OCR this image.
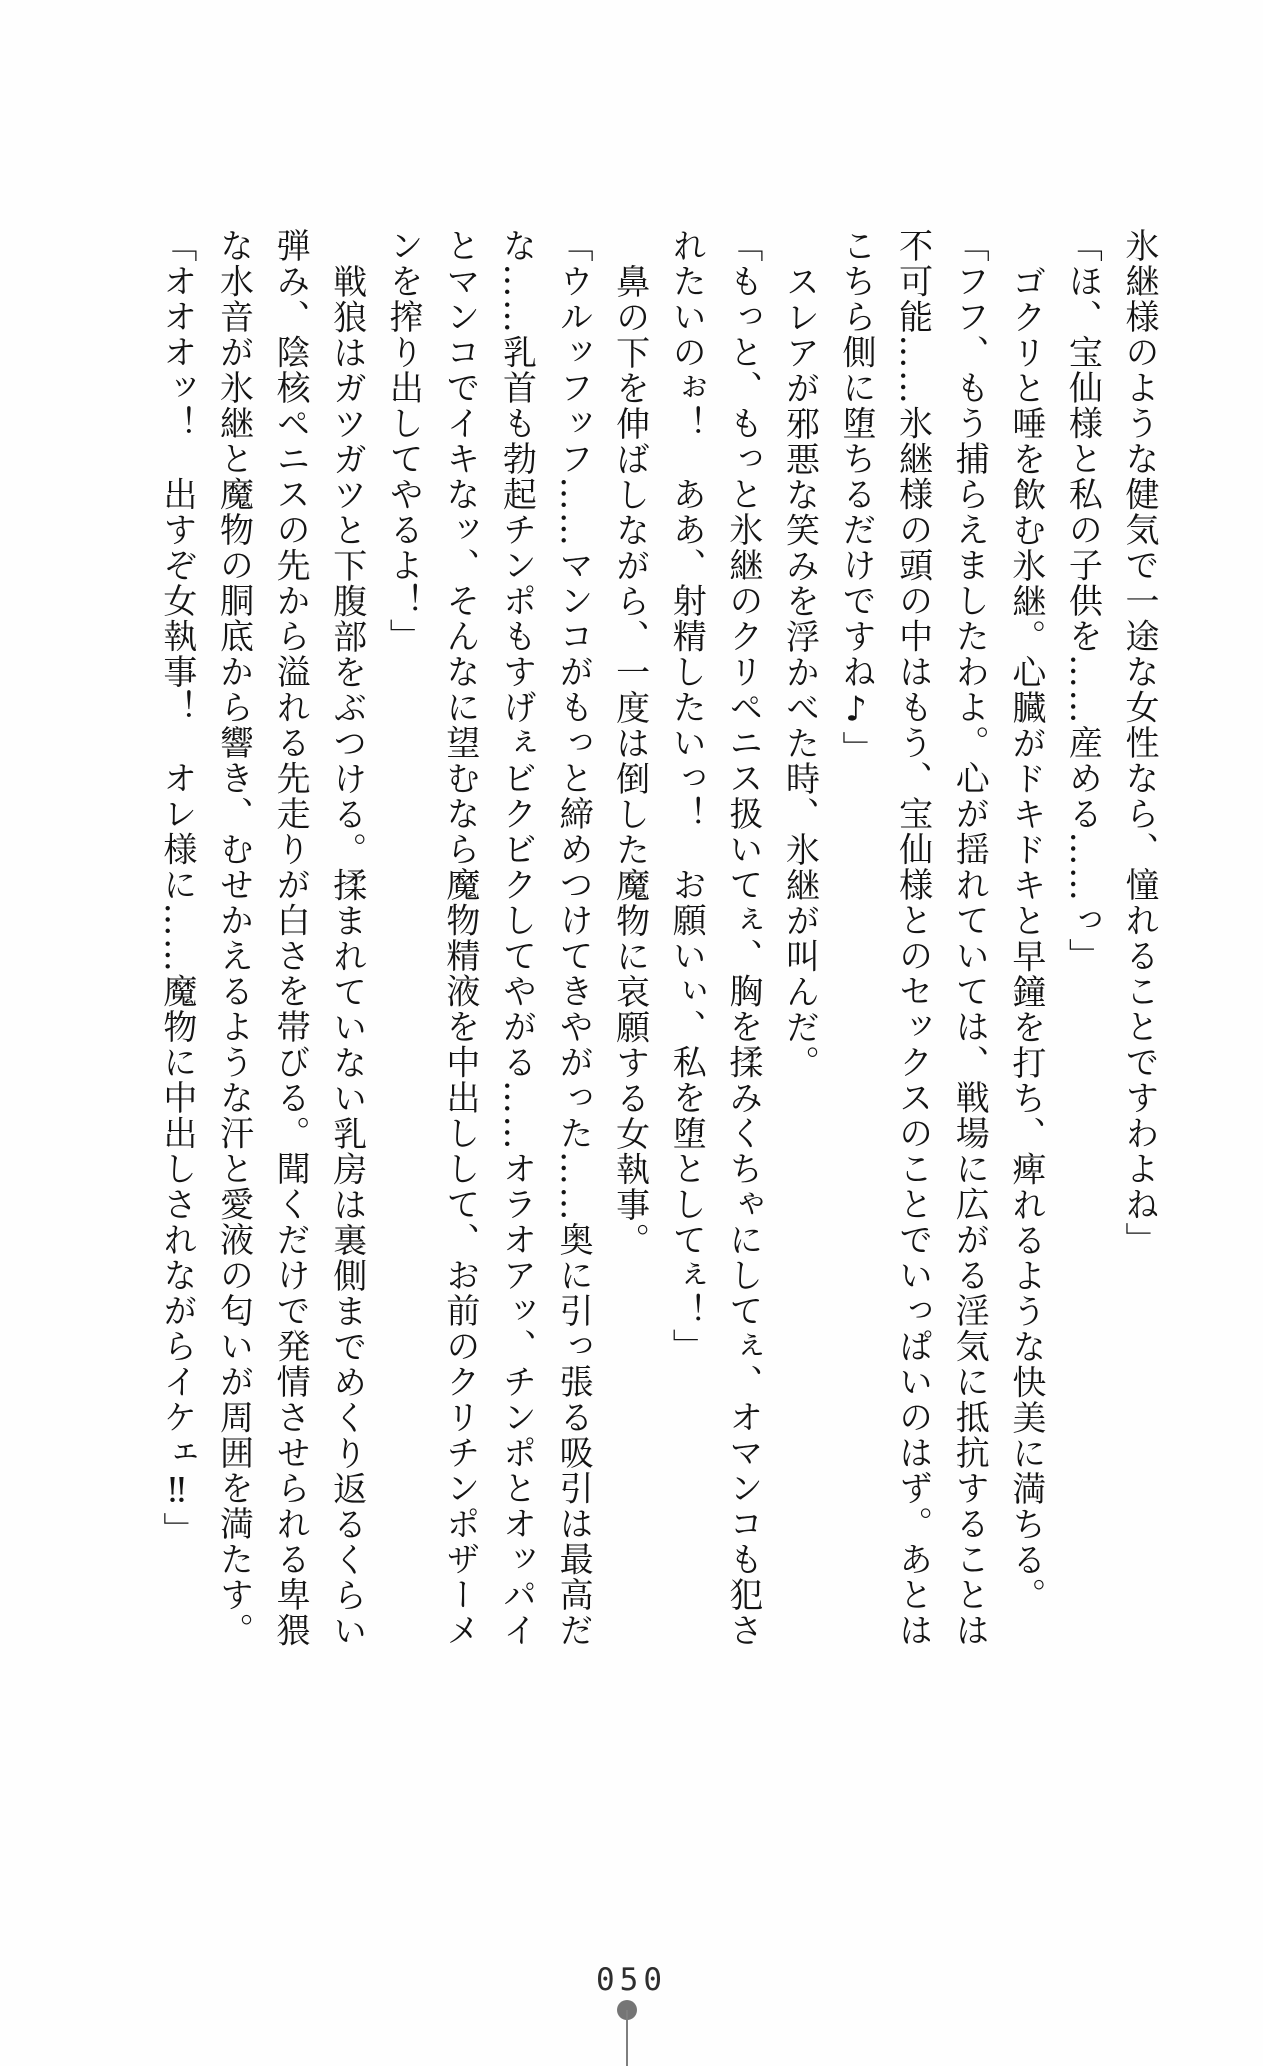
氷継様のような健気で一途な女性なら、憧れることですわよね」
「ほ、宝仙様と私の子供を……産める……っ」
ゴクリと唾を飲む氷継。心臓がドキドキと早鐘を打ち、痺れるような快美に満ちる。
「フフ、もう捕らえましたわよ。心が揺れていては、戦場に広がる淫気に抵抗することは
不可能……氷継様の頭の中はもう、宝仙様とのセックスのことでいっぱいのはず。あとは
こちら側に堕ちるだけですね♪」
スレアが邪悪な笑みを浮かべた時、氷継が叫んだ。
「もっと、もっと氷継のクリペニス扱いてぇ、胸を揉みくちゃにしてぇ、オマンコも犯さ
れたいのぉ！　ああ、射精したいっ！　お願いぃ、私を堕としてぇ！」
鼻の下を伸ばしながら、一度は倒した魔物に哀願する女執事。
「ウルッフッフ……マンコがもっと締めつけてきやがった……奥に引っ張る吸引は最高だ
な……乳首も勃起チンポもすげぇビクビクしてやがる……オラオアッ、チンポとオッパイ
とマンコでイキなッ、そんなに望むなら魔物精液を中出しして、お前のクリチンポザーメ
ンを搾り出してやるよ！」
戦狼はガツガツと下腹部をぶつける。揉まれていない乳房は裏側までめくり返るくらい
弾み、陰核ペニスの先から溢れる先走りが白さを帯びる。聞くだけで発情させられる卑猥
な水音が氷継と魔物の胴底から響き、むせかえるような汗と愛液の匂いが周囲を満たす。
「オオオッ！　出すぞ女執事！　オレ様に……魔物に中出しされながらイケェ‼」
050
